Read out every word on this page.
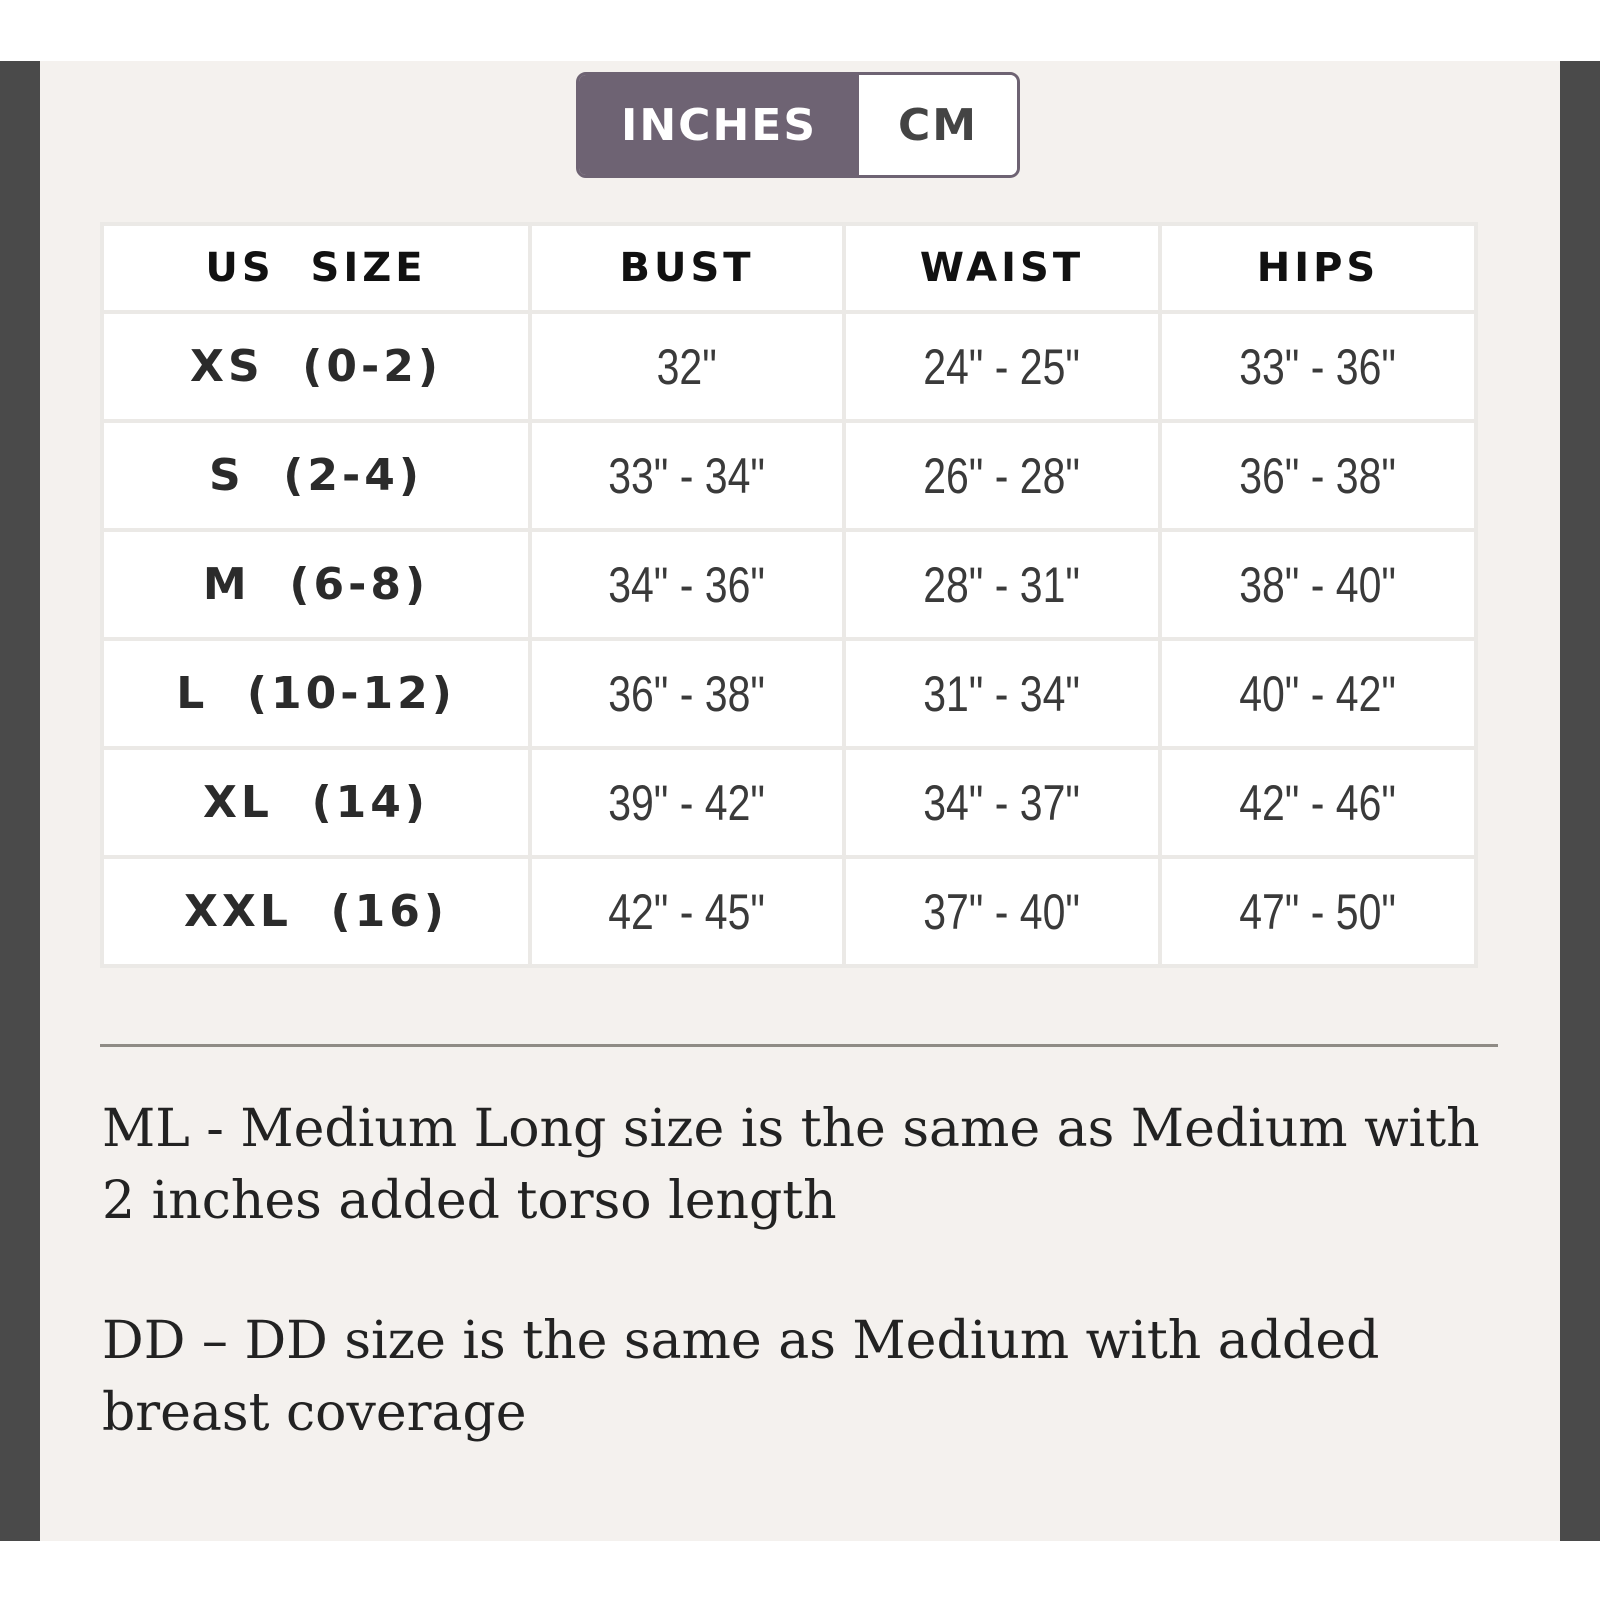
INCHES	CM
US  SIZE	BUST	WAIST	HIPS
XS  (0-2)	32"	24" - 25"	33" - 36"
S  (2-4)	33" - 34"	26" - 28"	36" - 38"
M  (6-8)	34" - 36"	28" - 31"	38" - 40"
L  (10-12)	36" - 38"	31" - 34"	40" - 42"
XL  (14)	39" - 42"	34" - 37"	42" - 46"
XXL  (16)	42" - 45"	37" - 40"	47" - 50"

ML - Medium Long size is the same as Medium with 2 inches added torso length

DD – DD size is the same as Medium with added breast coverage
